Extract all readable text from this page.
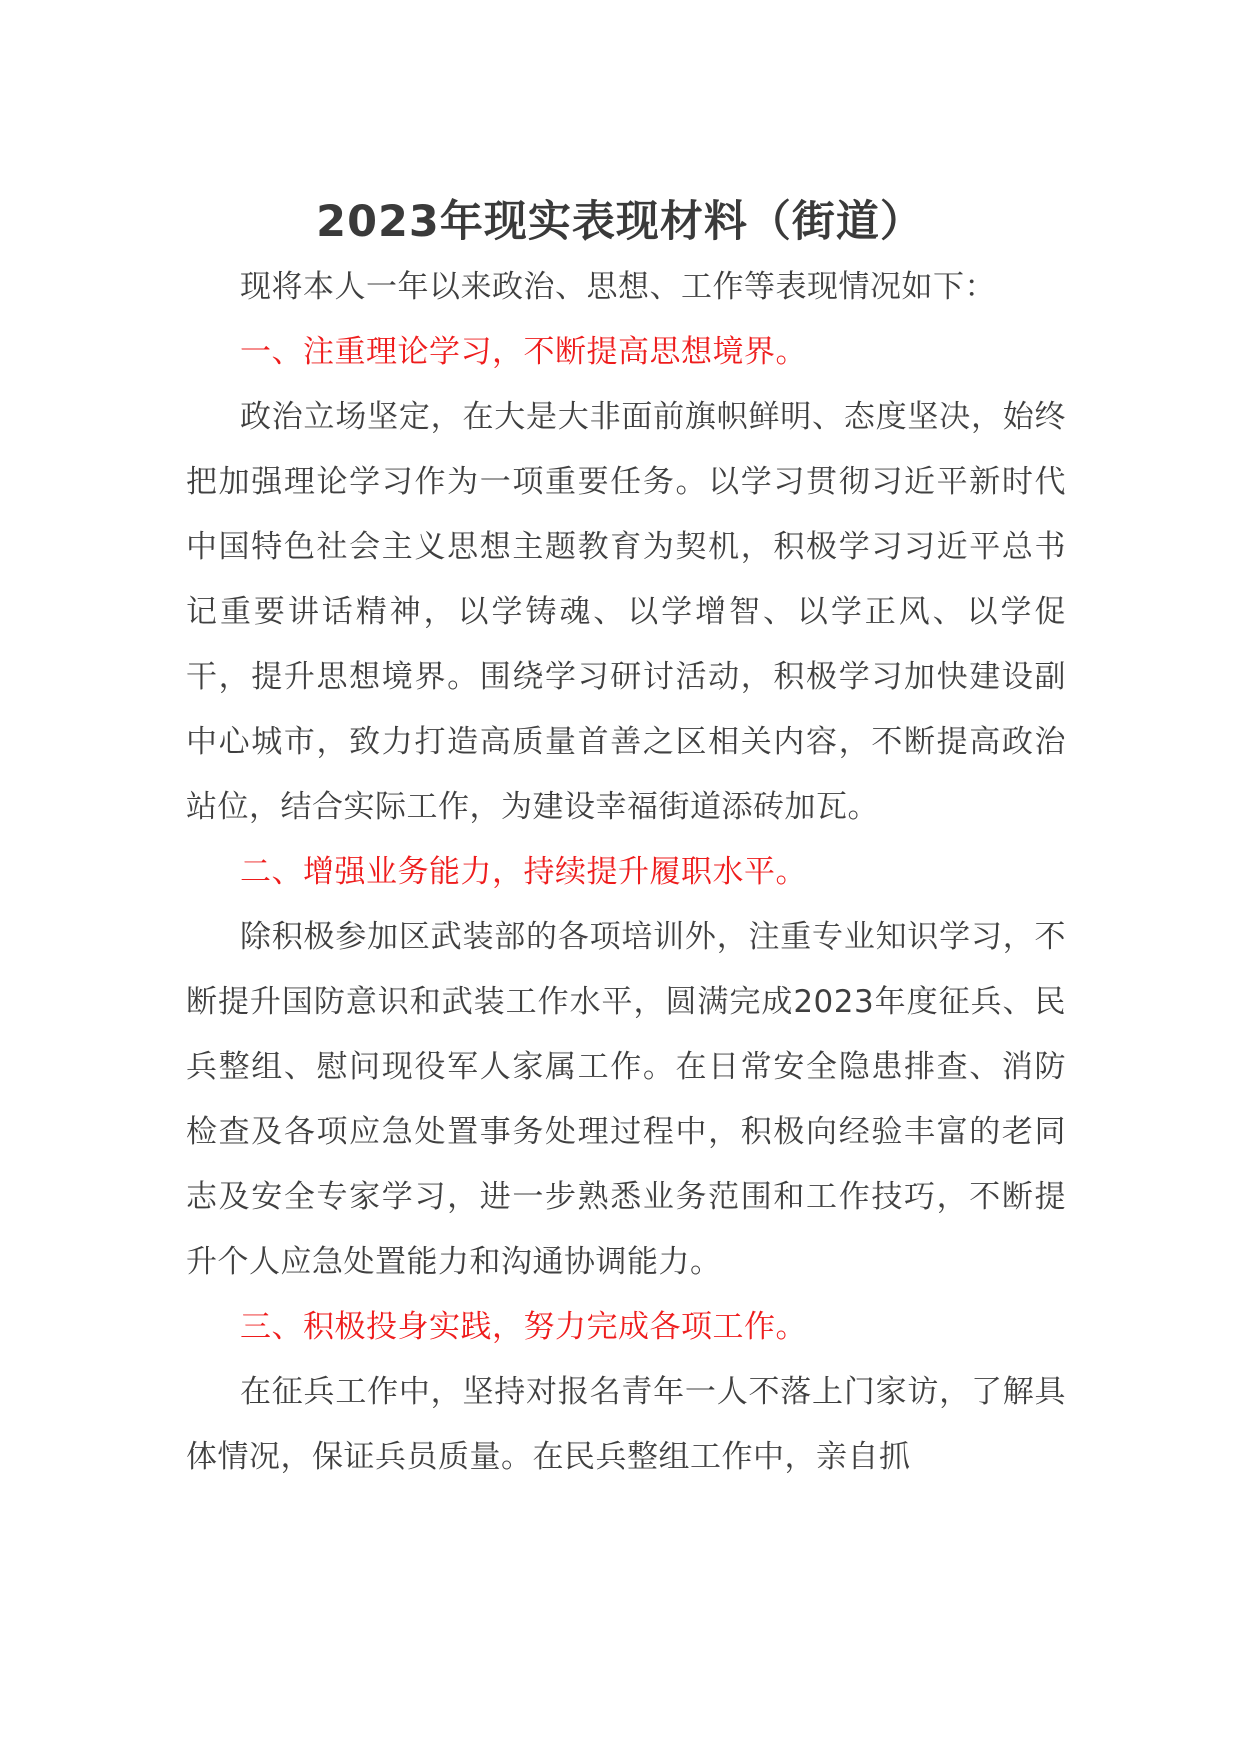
2023年现实表现材料（街道）

现将本人一年以来政治、思想、工作等表现情况如下：

一、注重理论学习，不断提高思想境界。

政治立场坚定，在大是大非面前旗帜鲜明、态度坚决，始终把加强理论学习作为一项重要任务。以学习贯彻习近平新时代中国特色社会主义思想主题教育为契机，积极学习习近平总书记重要讲话精神，以学铸魂、以学增智、以学正风、以学促干，提升思想境界。围绕学习研讨活动，积极学习加快建设副中心城市，致力打造高质量首善之区相关内容，不断提高政治站位，结合实际工作，为建设幸福街道添砖加瓦。

二、增强业务能力，持续提升履职水平。

除积极参加区武装部的各项培训外，注重专业知识学习，不断提升国防意识和武装工作水平，圆满完成2023年度征兵、民兵整组、慰问现役军人家属工作。在日常安全隐患排查、消防检查及各项应急处置事务处理过程中，积极向经验丰富的老同志及安全专家学习，进一步熟悉业务范围和工作技巧，不断提升个人应急处置能力和沟通协调能力。

三、积极投身实践，努力完成各项工作。

在征兵工作中，坚持对报名青年一人不落上门家访，了解具体情况，保证兵员质量。在民兵整组工作中，亲自抓
